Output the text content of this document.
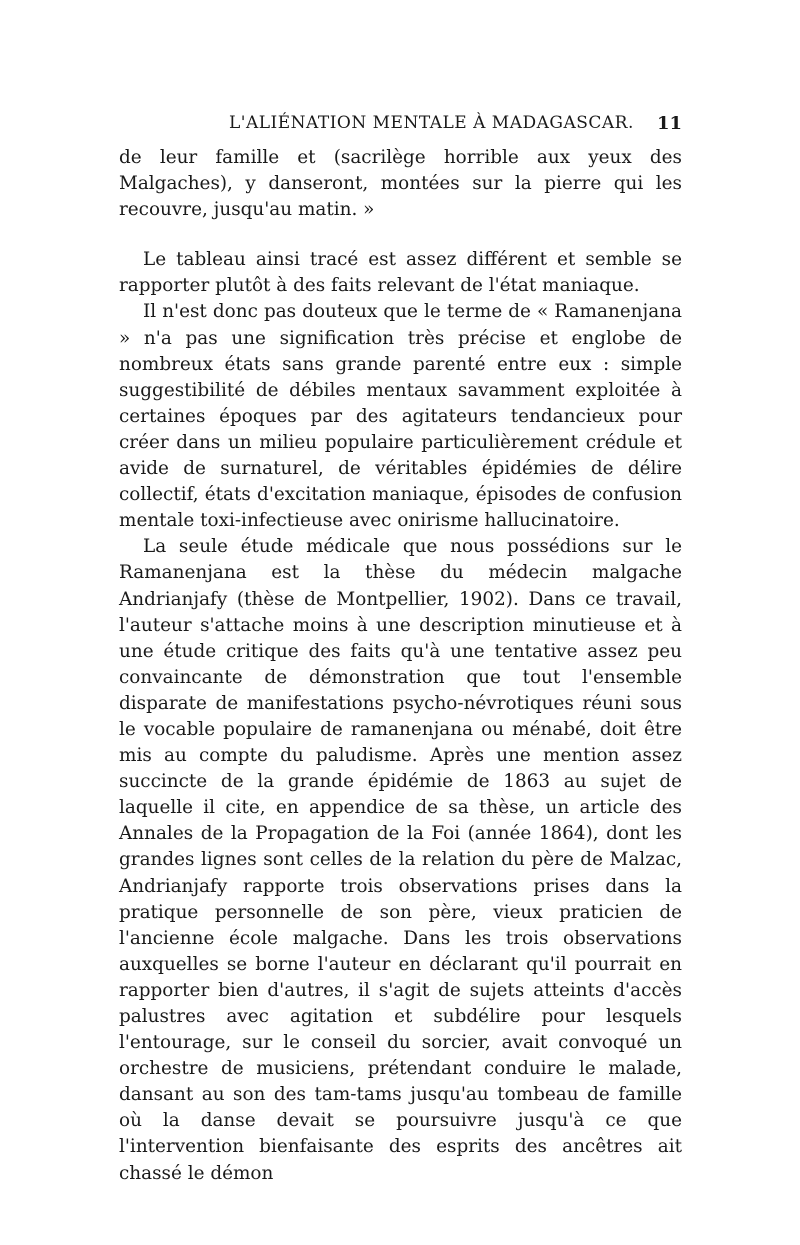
L'ALIÉNATION MENTALE À MADAGASCAR. 11

de leur famille et (sacrilège horrible aux yeux des Malgaches), y danseront, montées sur la pierre qui les recouvre, jusqu'au matin. »

Le tableau ainsi tracé est assez différent et semble se rapporter plutôt à des faits relevant de l'état maniaque.

Il n'est donc pas douteux que le terme de « Ramanenjana » n'a pas une signification très précise et englobe de nombreux états sans grande parenté entre eux : simple suggestibilité de débiles mentaux savamment exploitée à certaines époques par des agitateurs tendancieux pour créer dans un milieu populaire particulièrement crédule et avide de surnaturel, de véritables épidémies de délire collectif, états d'excitation maniaque, épisodes de confusion mentale toxi-infectieuse avec onirisme hallucinatoire.

La seule étude médicale que nous possédions sur le Ramanenjana est la thèse du médecin malgache Andrianjafy (thèse de Montpellier, 1902). Dans ce travail, l'auteur s'attache moins à une description minutieuse et à une étude critique des faits qu'à une tentative assez peu convaincante de démonstration que tout l'ensemble disparate de manifestations psycho-névrotiques réuni sous le vocable populaire de ramanenjana ou ménabé, doit être mis au compte du paludisme. Après une mention assez succincte de la grande épidémie de 1863 au sujet de laquelle il cite, en appendice de sa thèse, un article des Annales de la Propagation de la Foi (année 1864), dont les grandes lignes sont celles de la relation du père de Malzac, Andrianjafy rapporte trois observations prises dans la pratique personnelle de son père, vieux praticien de l'ancienne école malgache. Dans les trois observations auxquelles se borne l'auteur en déclarant qu'il pourrait en rapporter bien d'autres, il s'agit de sujets atteints d'accès palustres avec agitation et subdélire pour lesquels l'entourage, sur le conseil du sorcier, avait convoqué un orchestre de musiciens, prétendant conduire le malade, dansant au son des tam-tams jusqu'au tombeau de famille où la danse devait se poursuivre jusqu'à ce que l'intervention bienfaisante des esprits des ancêtres ait chassé le démon
